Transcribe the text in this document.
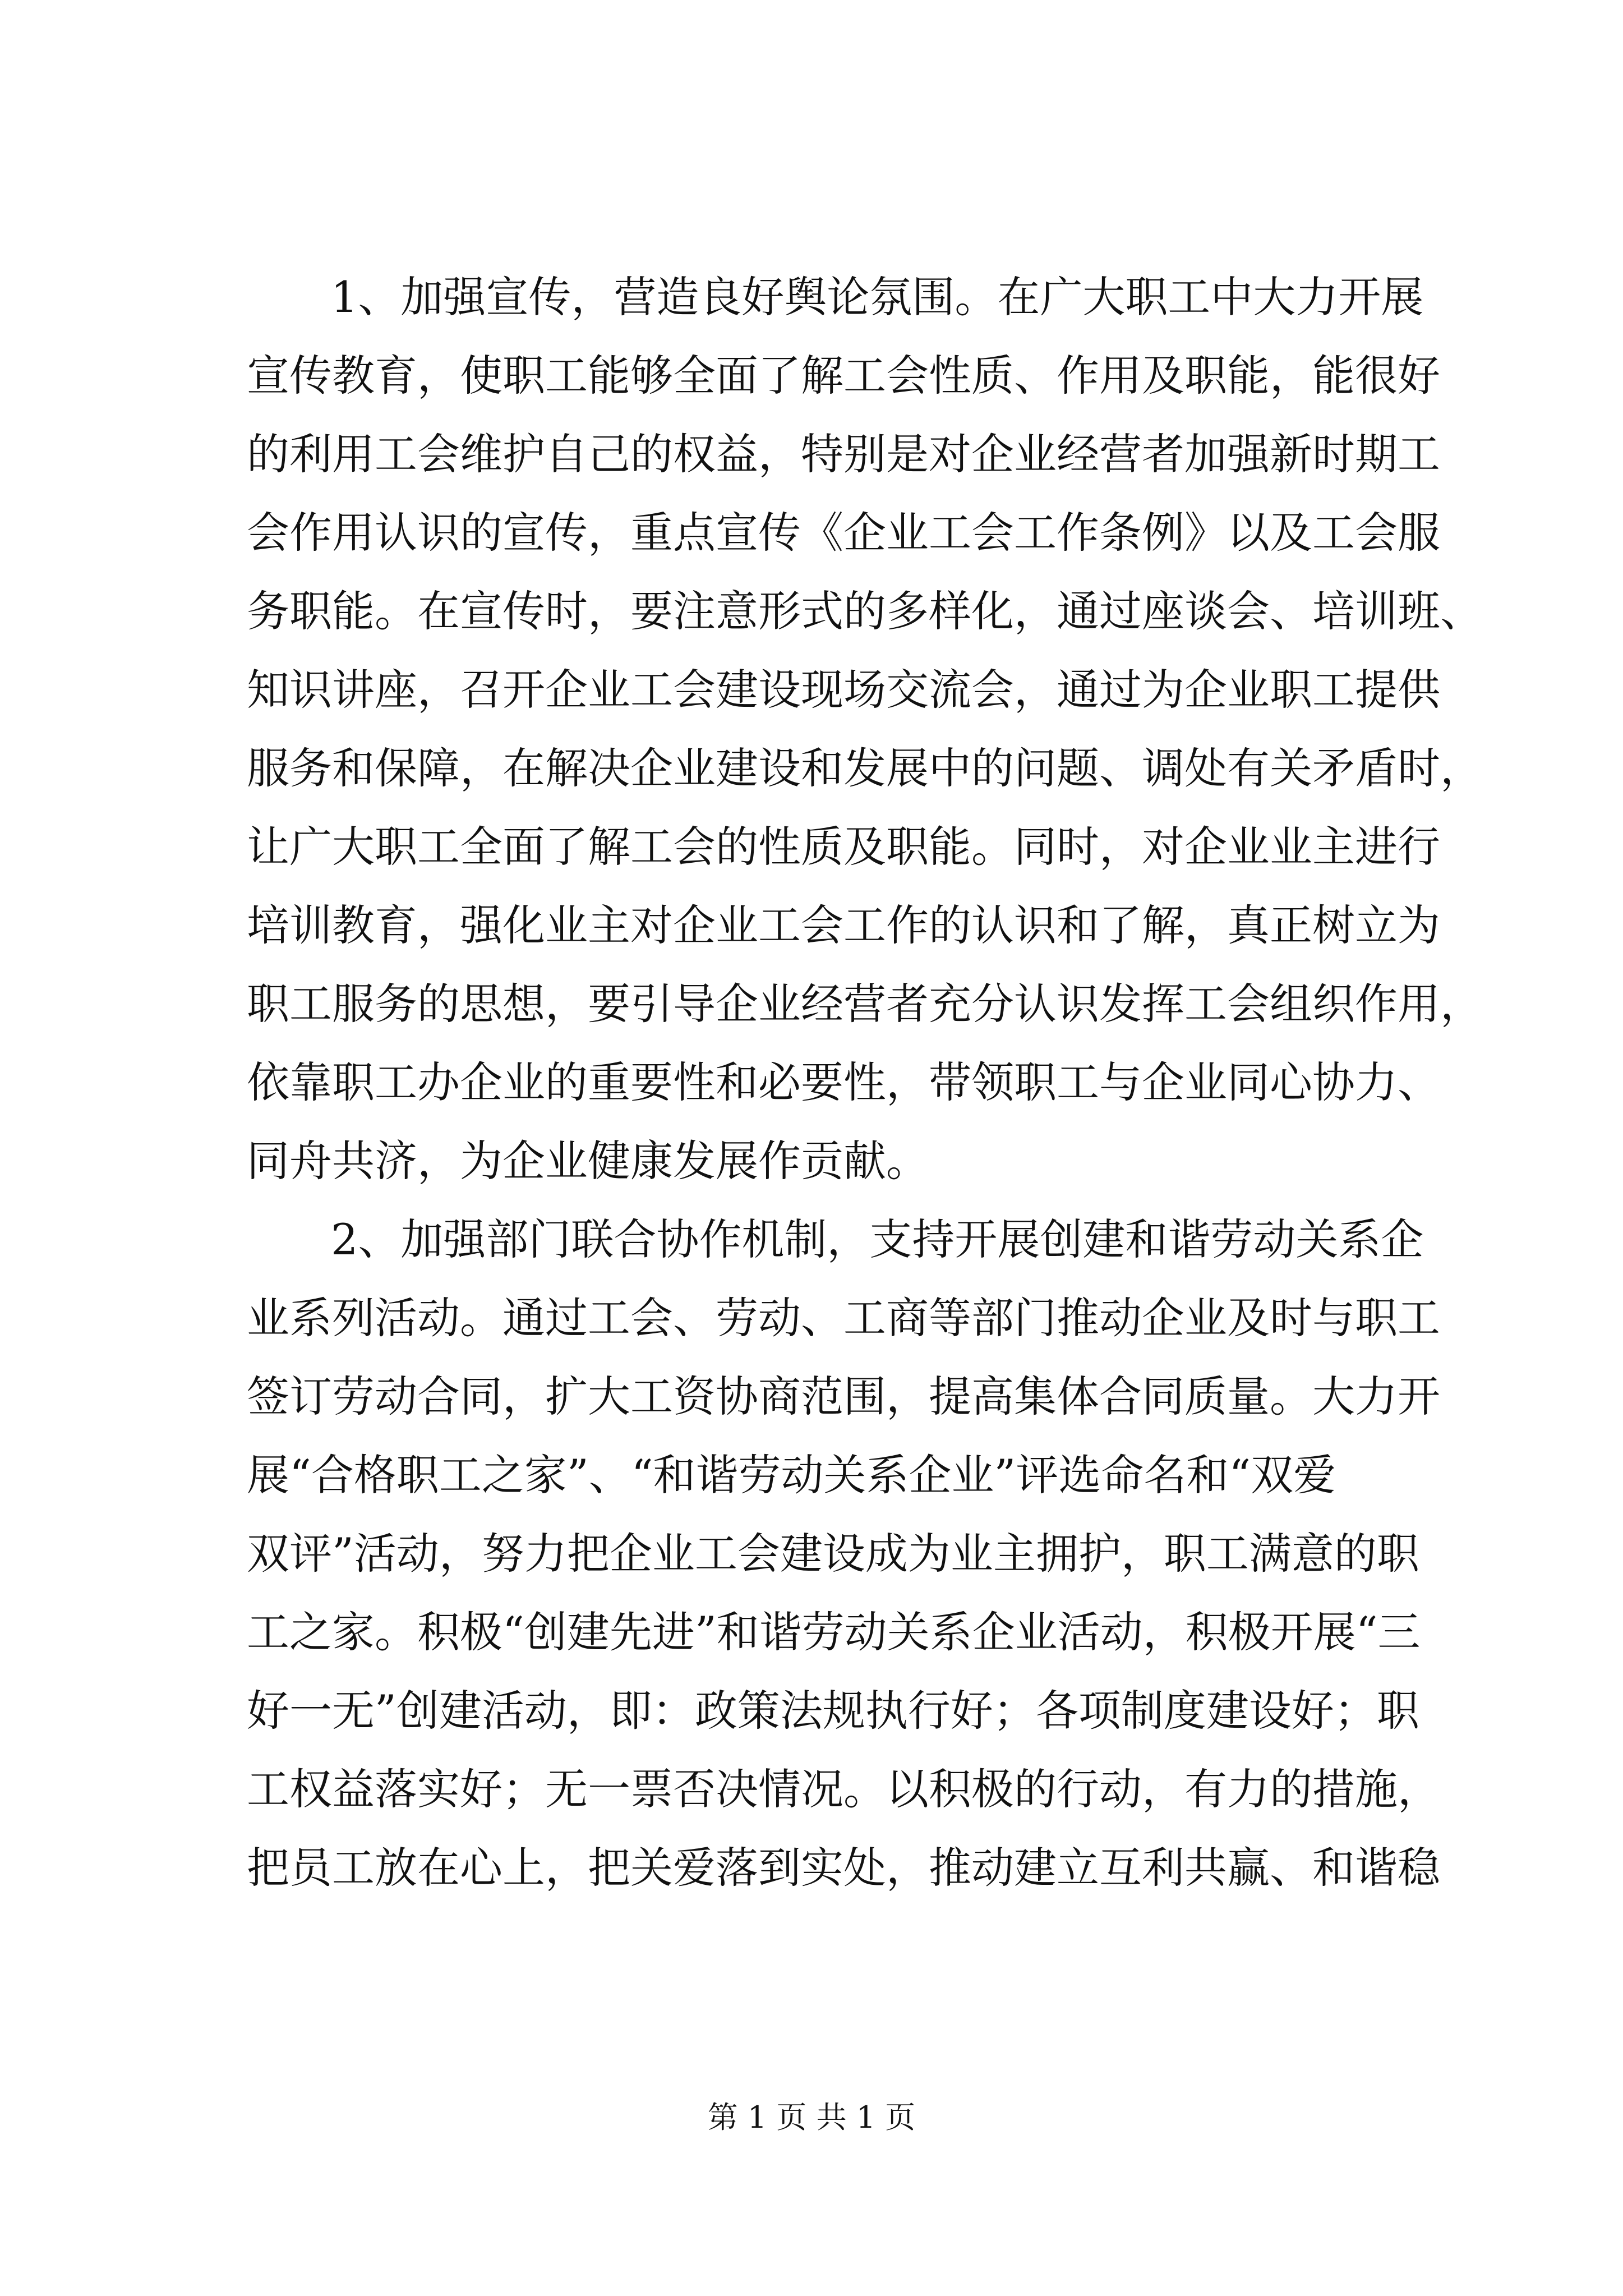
1、加强宣传，营造良好舆论氛围。在广大职工中大力开展
宣传教育，使职工能够全面了解工会性质、作用及职能，能很好
的利用工会维护自己的权益，特别是对企业经营者加强新时期工
会作用认识的宣传，重点宣传《企业工会工作条例》以及工会服
务职能。在宣传时，要注意形式的多样化，通过座谈会、培训班、
知识讲座，召开企业工会建设现场交流会，通过为企业职工提供
服务和保障，在解决企业建设和发展中的问题、调处有关矛盾时，
让广大职工全面了解工会的性质及职能。同时，对企业业主进行
培训教育，强化业主对企业工会工作的认识和了解，真正树立为
职工服务的思想，要引导企业经营者充分认识发挥工会组织作用，
依靠职工办企业的重要性和必要性，带领职工与企业同心协力、
同舟共济，为企业健康发展作贡献。
2、加强部门联合协作机制，支持开展创建和谐劳动关系企
业系列活动。通过工会、劳动、工商等部门推动企业及时与职工
签订劳动合同，扩大工资协商范围，提高集体合同质量。大力开
展“合格职工之家”、“和谐劳动关系企业”评选命名和“双爱
双评”活动，努力把企业工会建设成为业主拥护，职工满意的职
工之家。积极“创建先进”和谐劳动关系企业活动，积极开展“三
好一无”创建活动，即：政策法规执行好；各项制度建设好；职
工权益落实好；无一票否决情况。以积极的行动，有力的措施，
把员工放在心上，把关爱落到实处，推动建立互利共赢、和谐稳
第 1 页 共 1 页
